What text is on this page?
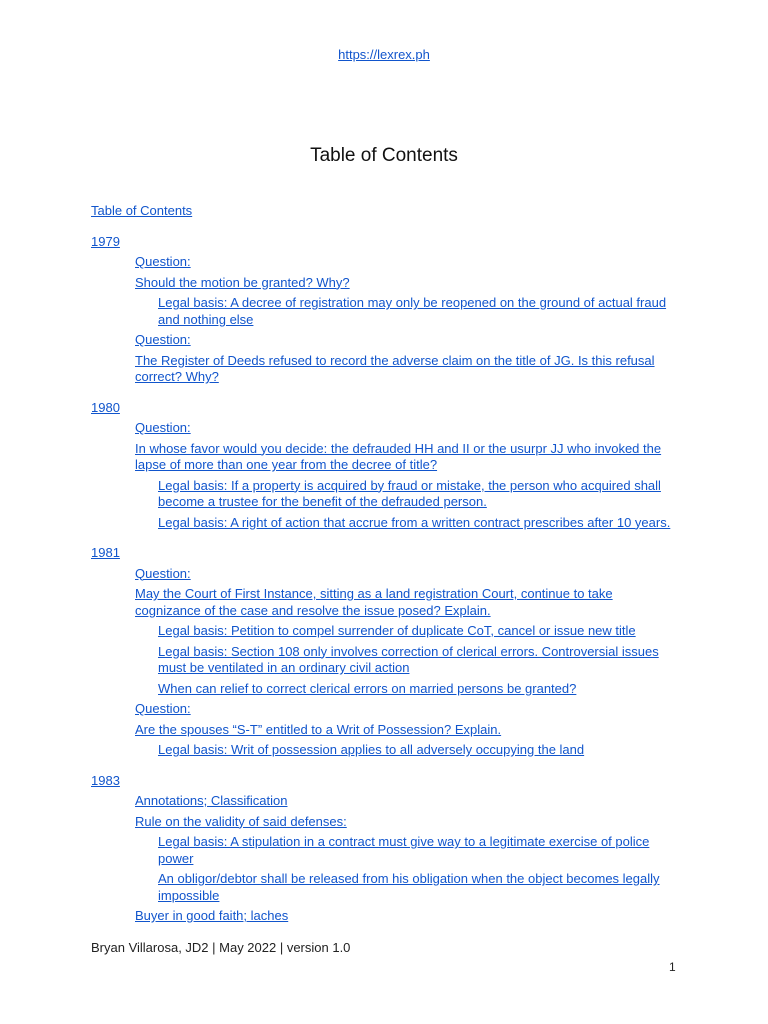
https://lexrex.ph
Table of Contents
Table of Contents
1979
Question:
Should the motion be granted? Why?
Legal basis: A decree of registration may only be reopened on the ground of actual fraud and nothing else
Question:
The Register of Deeds refused to record the adverse claim on the title of JG. Is this refusal correct? Why?
1980
Question:
In whose favor would you decide: the defrauded HH and II or the usurpr JJ who invoked the lapse of more than one year from the decree of title?
Legal basis: If a property is acquired by fraud or mistake, the person who acquired shall become a trustee for the benefit of the defrauded person.
Legal basis: A right of action that accrue from a written contract prescribes after 10 years.
1981
Question:
May the Court of First Instance, sitting as a land registration Court, continue to take cognizance of the case and resolve the issue posed? Explain.
Legal basis: Petition to compel surrender of duplicate CoT, cancel or issue new title
Legal basis: Section 108 only involves correction of clerical errors. Controversial issues must be ventilated in an ordinary civil action
When can relief to correct clerical errors on married persons be granted?
Question:
Are the spouses “S-T” entitled to a Writ of Possession? Explain.
Legal basis: Writ of possession applies to all adversely occupying the land
1983
Annotations; Classification
Rule on the validity of said defenses:
Legal basis: A stipulation in a contract must give way to a legitimate exercise of police power
An obligor/debtor shall be released from his obligation when the object becomes legally impossible
Buyer in good faith; laches
Bryan Villarosa, JD2 | May 2022 | version 1.0
1
